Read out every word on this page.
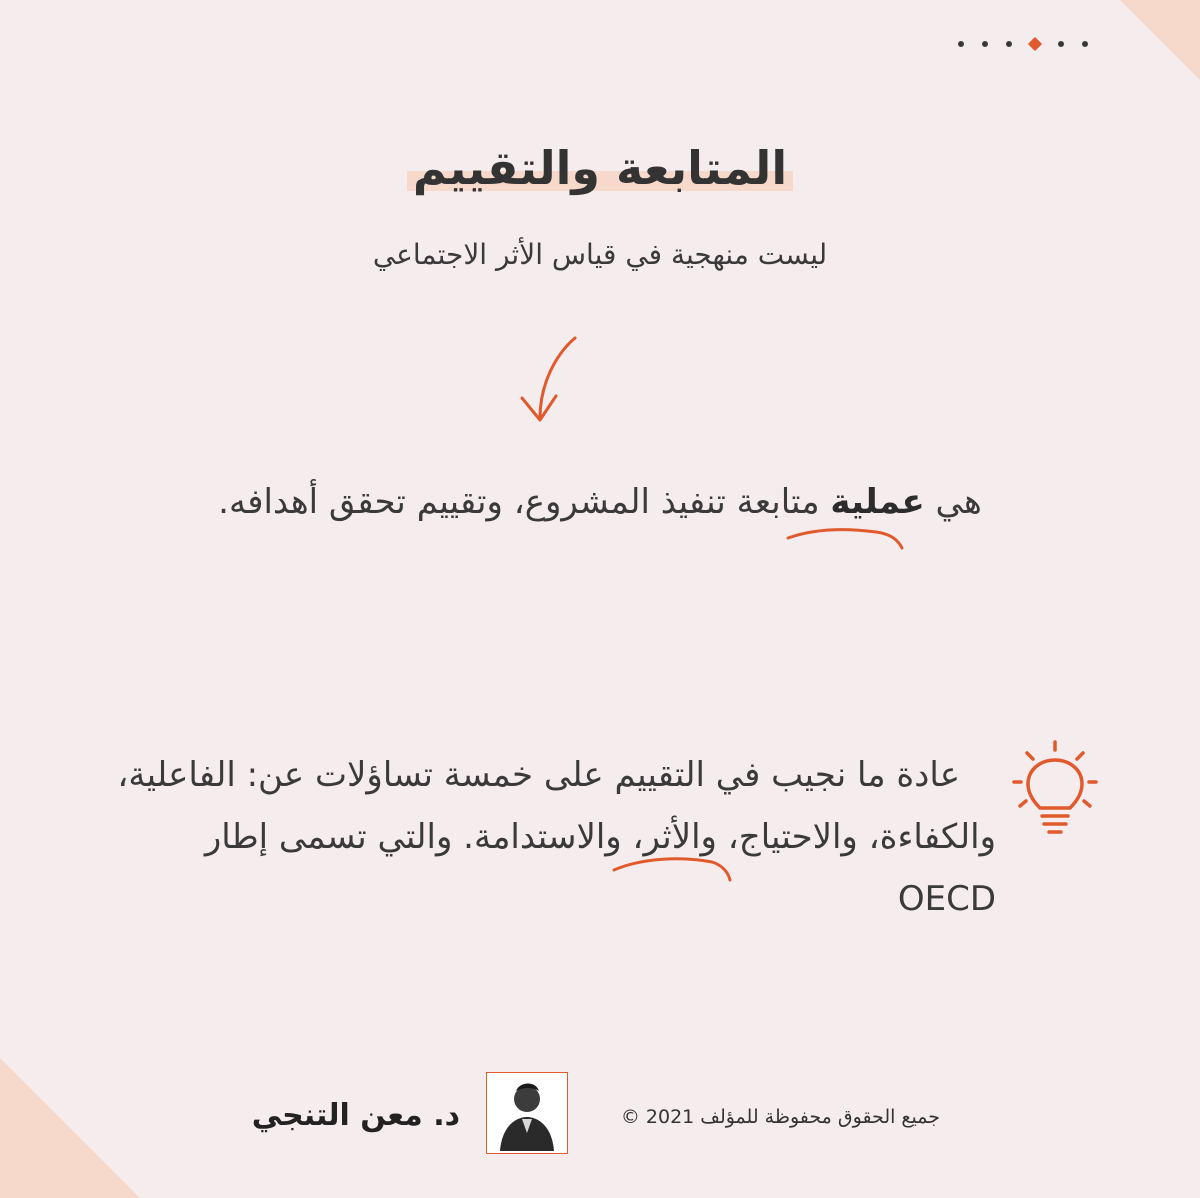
المتابعة والتقييم
ليست منهجية في قياس الأثر الاجتماعي
هي عملية متابعة تنفيذ المشروع، وتقييم تحقق أهدافه.

عادة ما نجيب في التقييم على خمسة تساؤلات عن: الفاعلية،

والكفاءة، والاحتياج، والأثر، والاستدامة. والتي تسمى إطار OECD

جميع الحقوق محفوظة للمؤلف 2021 ©
د. معن التنجي
